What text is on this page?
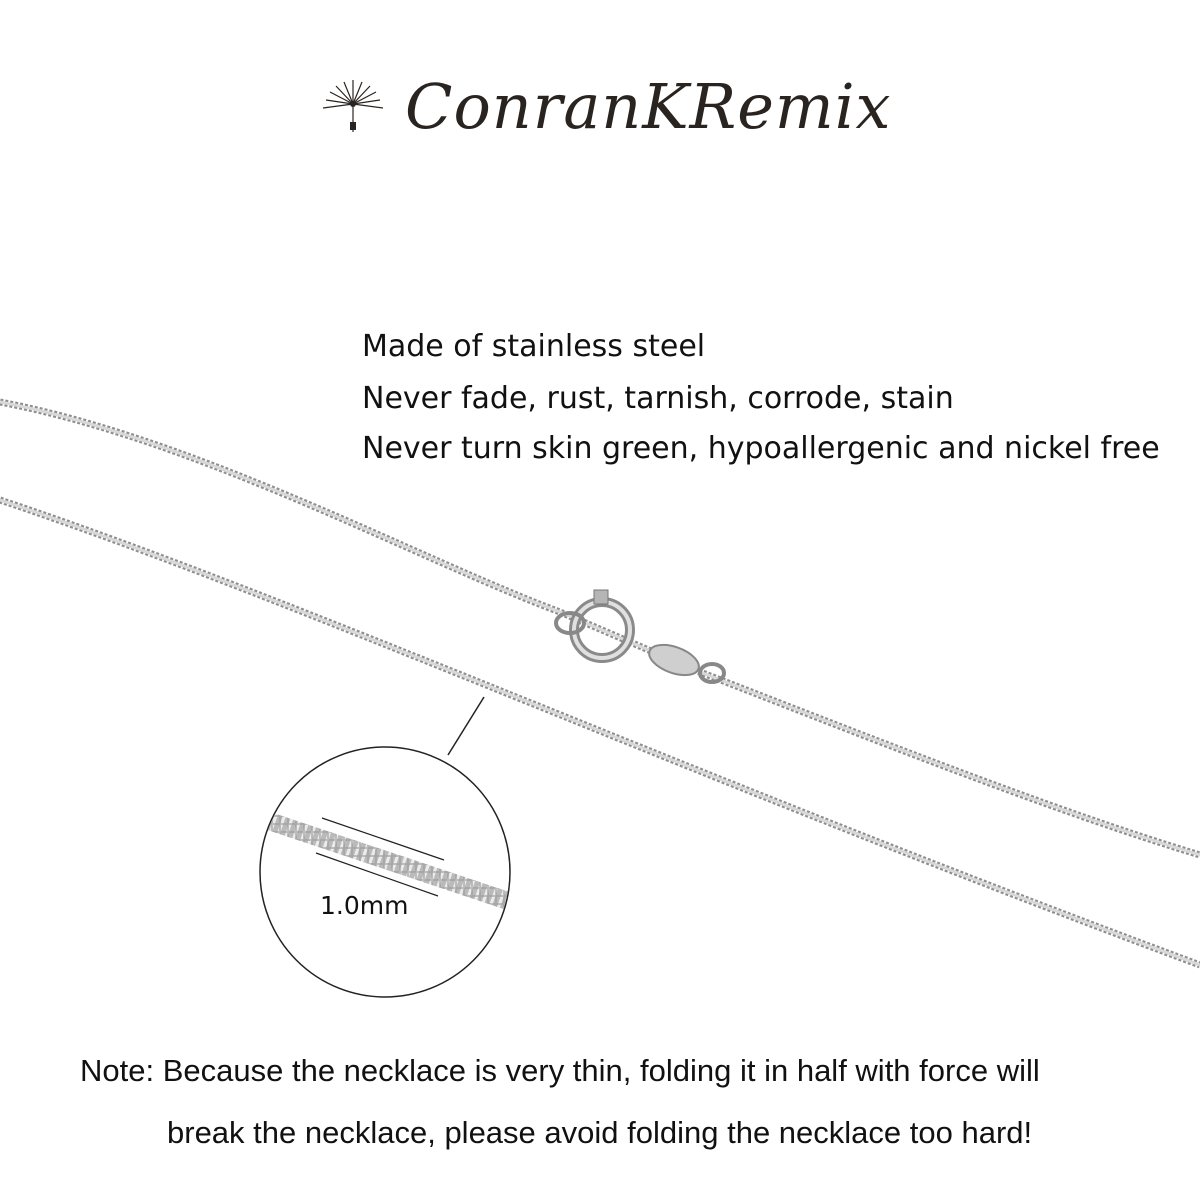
ConranKRemix
Made of stainless steel
Never fade, rust, tarnish, corrode, stain
Never turn skin green, hypoallergenic and nickel free
1.0mm
Note: Because the necklace is very thin, folding it in half with force will
break the necklace, please avoid folding the necklace too hard!
